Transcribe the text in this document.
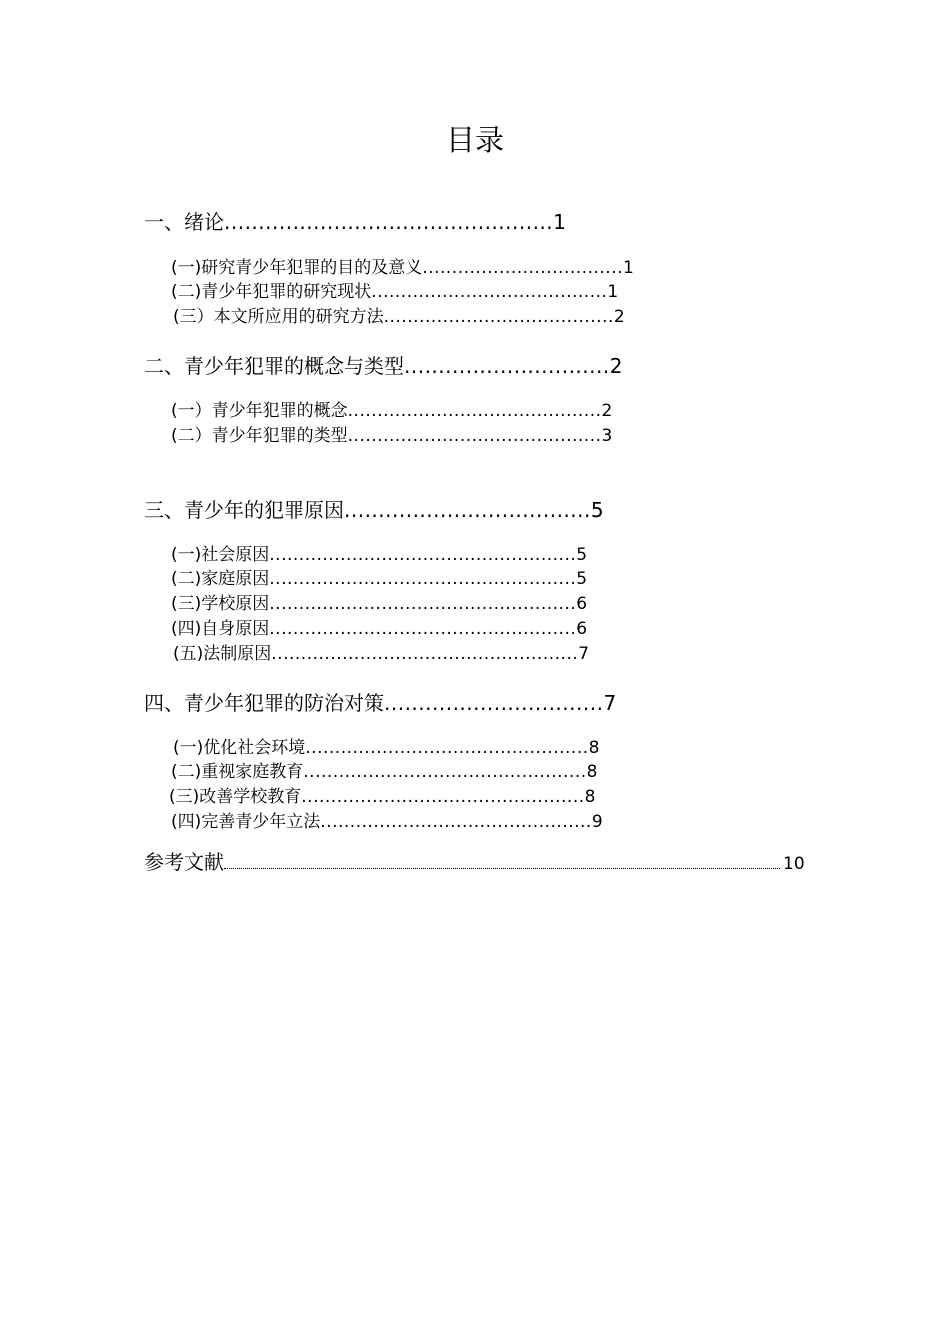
目录
一、绪论................................................1
(一)研究青少年犯罪的目的及意义..................................1
(二)青少年犯罪的研究现状........................................1
(三）本文所应用的研究方法.......................................2
二、青少年犯罪的概念与类型..............................2
(一）青少年犯罪的概念...........................................2
(二）青少年犯罪的类型...........................................3
三、青少年的犯罪原因....................................5
(一)社会原因....................................................5
(二)家庭原因....................................................5
(三)学校原因....................................................6
(四)自身原因....................................................6
(五)法制原因....................................................7
四、青少年犯罪的防治对策................................7
(一)优化社会环境................................................8
(二)重视家庭教育................................................8
(三)改善学校教育................................................8
(四)完善青少年立法..............................................9
参考文献	10
